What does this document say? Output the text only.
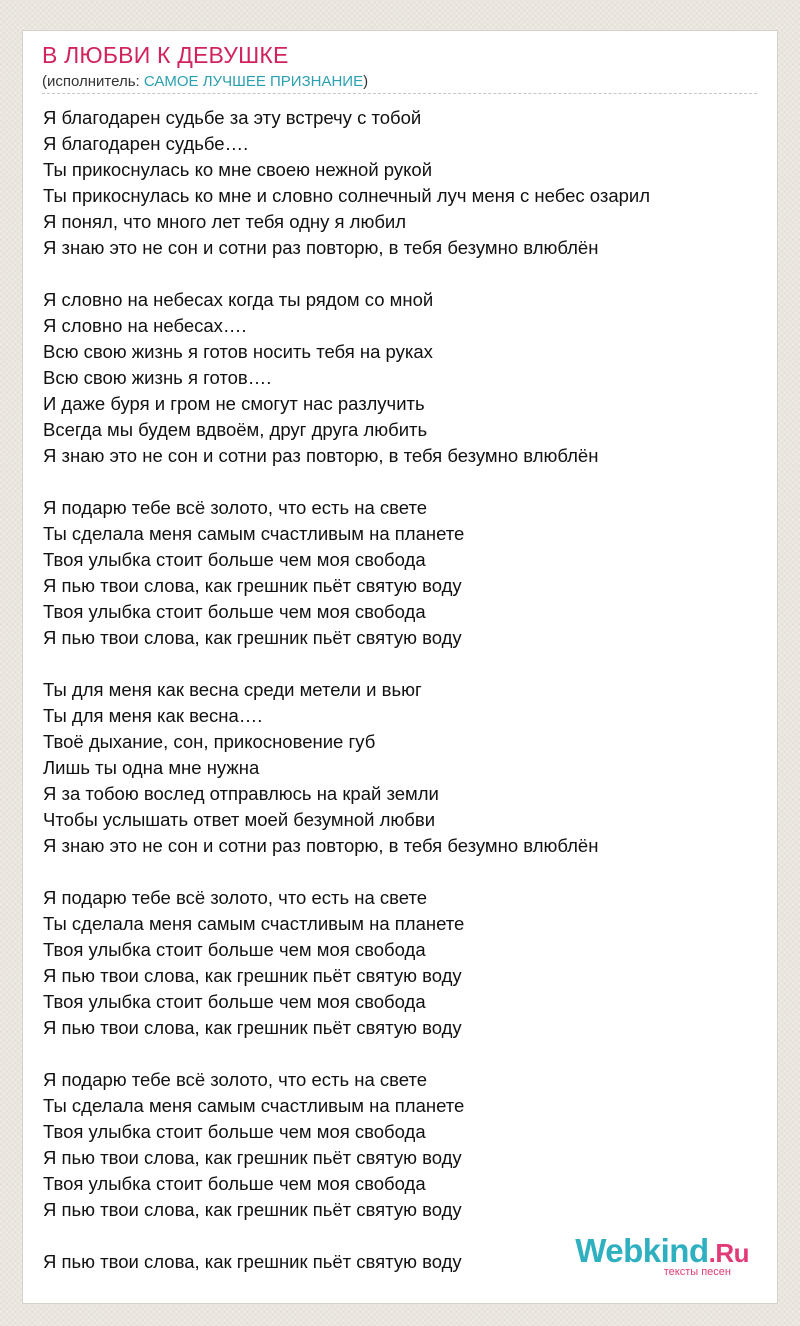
В ЛЮБВИ К ДЕВУШКЕ
(исполнитель: САМОЕ ЛУЧШЕЕ ПРИЗНАНИЕ)
Я благодарен судьбе за эту встречу с тобой
Я благодарен судьбе….
Ты прикоснулась ко мне своею нежной рукой
Ты прикоснулась ко мне и словно солнечный луч меня с небес озарил
Я понял, что много лет тебя одну я любил
Я знаю это не сон и сотни раз повторю, в тебя безумно влюблён
Я словно на небесах когда ты рядом со мной
Я словно на небесах….
Всю свою жизнь я готов носить тебя на руках
Всю свою жизнь я готов….
И даже буря и гром не смогут нас разлучить
Всегда мы будем вдвоём, друг друга любить
Я знаю это не сон и сотни раз повторю, в тебя безумно влюблён
Я подарю тебе всё золото, что есть на свете
Ты сделала меня самым счастливым на планете
Твоя улыбка стоит больше чем моя свобода
Я пью твои слова, как грешник пьёт святую воду
Твоя улыбка стоит больше чем моя свобода
Я пью твои слова, как грешник пьёт святую воду
Ты для меня как весна среди метели и вьюг
Ты для меня как весна….
Твоё дыхание, сон, прикосновение губ
Лишь ты одна мне нужна
Я за тобою вослед отправлюсь на край земли
Чтобы услышать ответ моей безумной любви
Я знаю это не сон и сотни раз повторю, в тебя безумно влюблён
Я подарю тебе всё золото, что есть на свете
Ты сделала меня самым счастливым на планете
Твоя улыбка стоит больше чем моя свобода
Я пью твои слова, как грешник пьёт святую воду
Твоя улыбка стоит больше чем моя свобода
Я пью твои слова, как грешник пьёт святую воду
Я подарю тебе всё золото, что есть на свете
Ты сделала меня самым счастливым на планете
Твоя улыбка стоит больше чем моя свобода
Я пью твои слова, как грешник пьёт святую воду
Твоя улыбка стоит больше чем моя свобода
Я пью твои слова, как грешник пьёт святую воду
Я пью твои слова, как грешник пьёт святую воду	Webkind.Ru
тексты песен
